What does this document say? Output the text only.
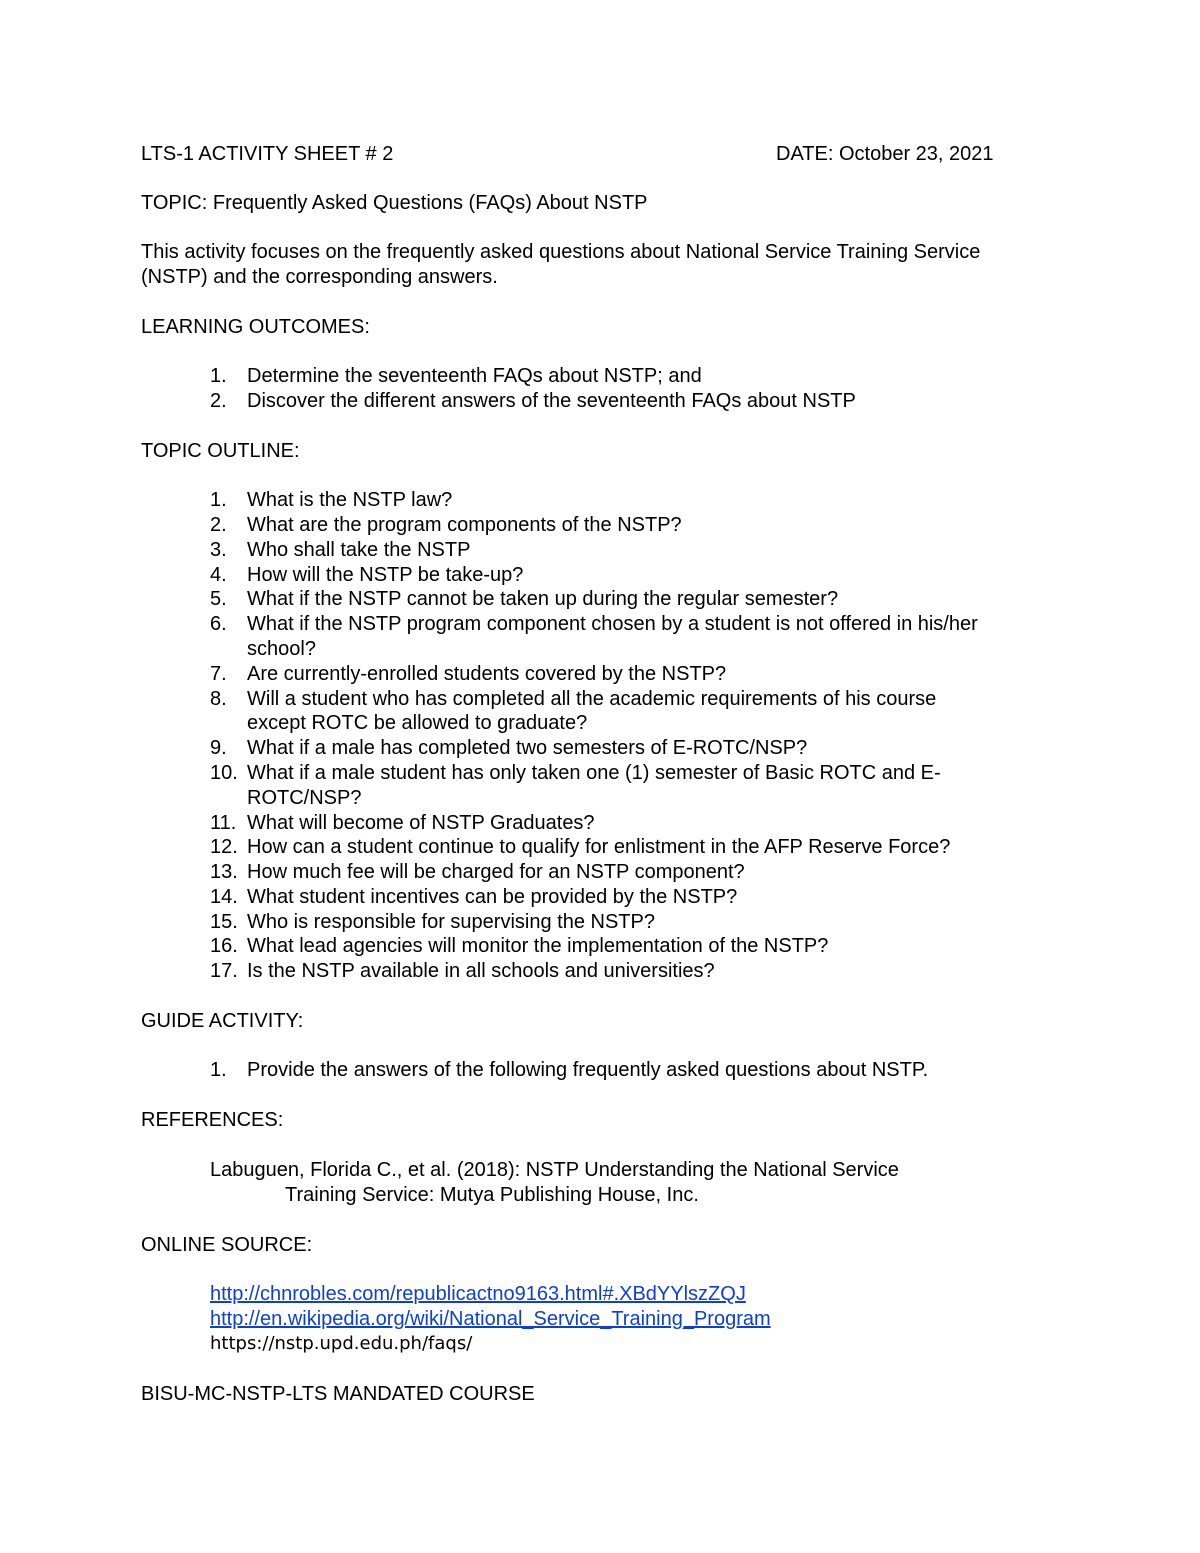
LTS-1 ACTIVITY SHEET # 2	DATE: October 23, 2021
TOPIC: Frequently Asked Questions (FAQs) About NSTP
This activity focuses on the frequently asked questions about National Service Training Service
(NSTP) and the corresponding answers.
LEARNING OUTCOMES:
1.	Determine the seventeenth FAQs about NSTP; and
2.	Discover the different answers of the seventeenth FAQs about NSTP
TOPIC OUTLINE:
1.	What is the NSTP law?
2.	What are the program components of the NSTP?
3.	Who shall take the NSTP
4.	How will the NSTP be take-up?
5.	What if the NSTP cannot be taken up during the regular semester?
6.	What if the NSTP program component chosen by a student is not offered in his/her
school?
7.	Are currently-enrolled students covered by the NSTP?
8.	Will a student who has completed all the academic requirements of his course
except ROTC be allowed to graduate?
9.	What if a male has completed two semesters of E-ROTC/NSP?
10. What if a male student has only taken one (1) semester of Basic ROTC and E-
ROTC/NSP?
11. What will become of NSTP Graduates?
12. How can a student continue to qualify for enlistment in the AFP Reserve Force?
13. How much fee will be charged for an NSTP component?
14. What student incentives can be provided by the NSTP?
15. Who is responsible for supervising the NSTP?
16. What lead agencies will monitor the implementation of the NSTP?
17. Is the NSTP available in all schools and universities?
GUIDE ACTIVITY:
1.	Provide the answers of the following frequently asked questions about NSTP.
REFERENCES:
Labuguen, Florida C., et al. (2018): NSTP Understanding the National Service
Training Service: Mutya Publishing House, Inc.
ONLINE SOURCE:
http://chnrobles.com/republicactno9163.html#.XBdYYlszZQJ
http://en.wikipedia.org/wiki/National_Service_Training_Program
https://nstp.upd.edu.ph/faqs/
BISU-MC-NSTP-LTS MANDATED COURSE
